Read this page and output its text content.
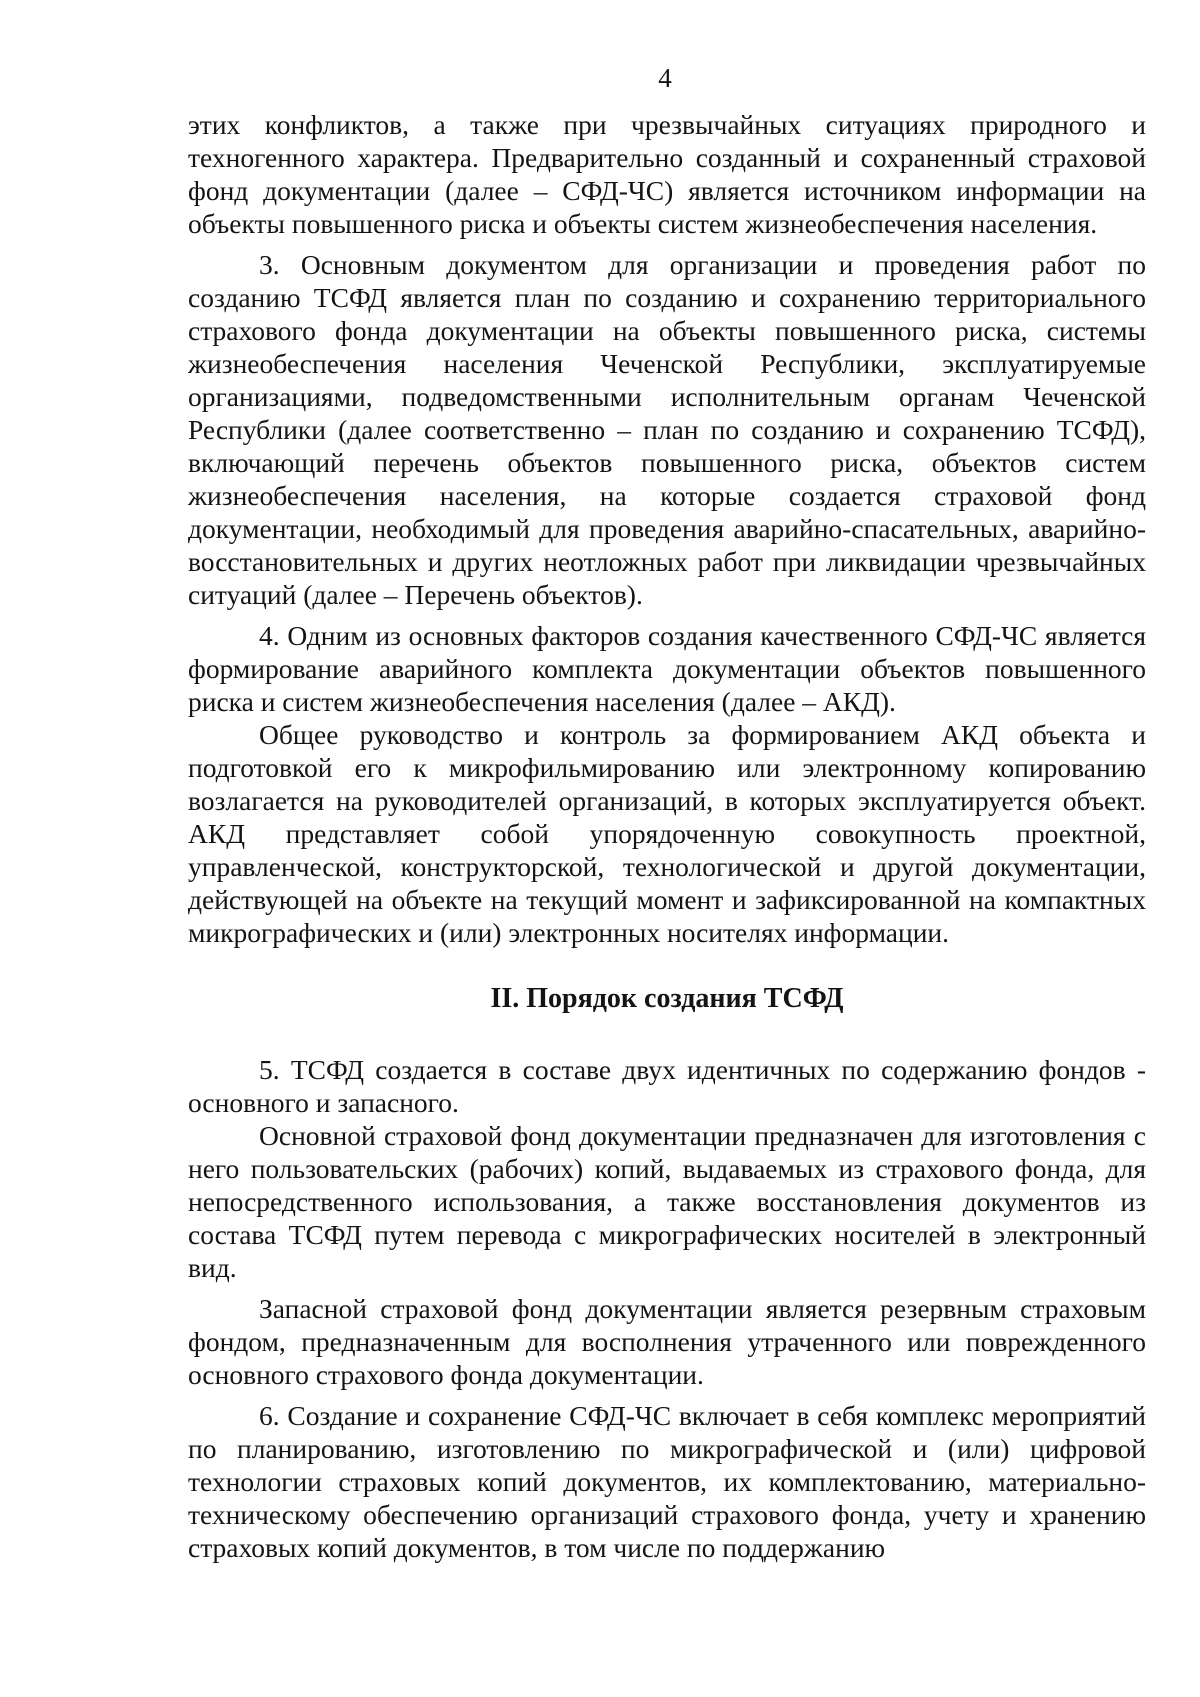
4

этих конфликтов, а также при чрезвычайных ситуациях природного и техногенного характера. Предварительно созданный и сохраненный страховой фонд документации (далее – СФД-ЧС) является источником информации на объекты повышенного риска и объекты систем жизнеобеспечения населения.

3. Основным документом для организации и проведения работ по созданию ТСФД является план по созданию и сохранению территориального страхового фонда документации на объекты повышенного риска, системы жизнеобеспечения населения Чеченской Республики, эксплуатируемые организациями, подведомственными исполнительным органам Чеченской Республики (далее соответственно – план по созданию и сохранению ТСФД), включающий перечень объектов повышенного риска, объектов систем жизнеобеспечения населения, на которые создается страховой фонд документации, необходимый для проведения аварийно-спасательных, аварийно-восстановительных и других неотложных работ при ликвидации чрезвычайных ситуаций (далее – Перечень объектов).

4. Одним из основных факторов создания качественного СФД-ЧС является формирование аварийного комплекта документации объектов повышенного риска и систем жизнеобеспечения населения (далее – АКД).

Общее руководство и контроль за формированием АКД объекта и подготовкой его к микрофильмированию или электронному копированию возлагается на руководителей организаций, в которых эксплуатируется объект. АКД представляет собой упорядоченную совокупность проектной, управленческой, конструкторской, технологической и другой документации, действующей на объекте на текущий момент и зафиксированной на компактных микрографических и (или) электронных носителях информации.

II. Порядок создания ТСФД

5. ТСФД создается в составе двух идентичных по содержанию фондов - основного и запасного.

Основной страховой фонд документации предназначен для изготовления с него пользовательских (рабочих) копий, выдаваемых из страхового фонда, для непосредственного использования, а также восстановления документов из состава ТСФД путем перевода с микрографических носителей в электронный вид.

Запасной страховой фонд документации является резервным страховым фондом, предназначенным для восполнения утраченного или поврежденного основного страхового фонда документации.

6. Создание и сохранение СФД-ЧС включает в себя комплекс мероприятий по планированию, изготовлению по микрографической и (или) цифровой технологии страховых копий документов, их комплектованию, материально-техническому обеспечению организаций страхового фонда, учету и хранению страховых копий документов, в том числе по поддержанию
